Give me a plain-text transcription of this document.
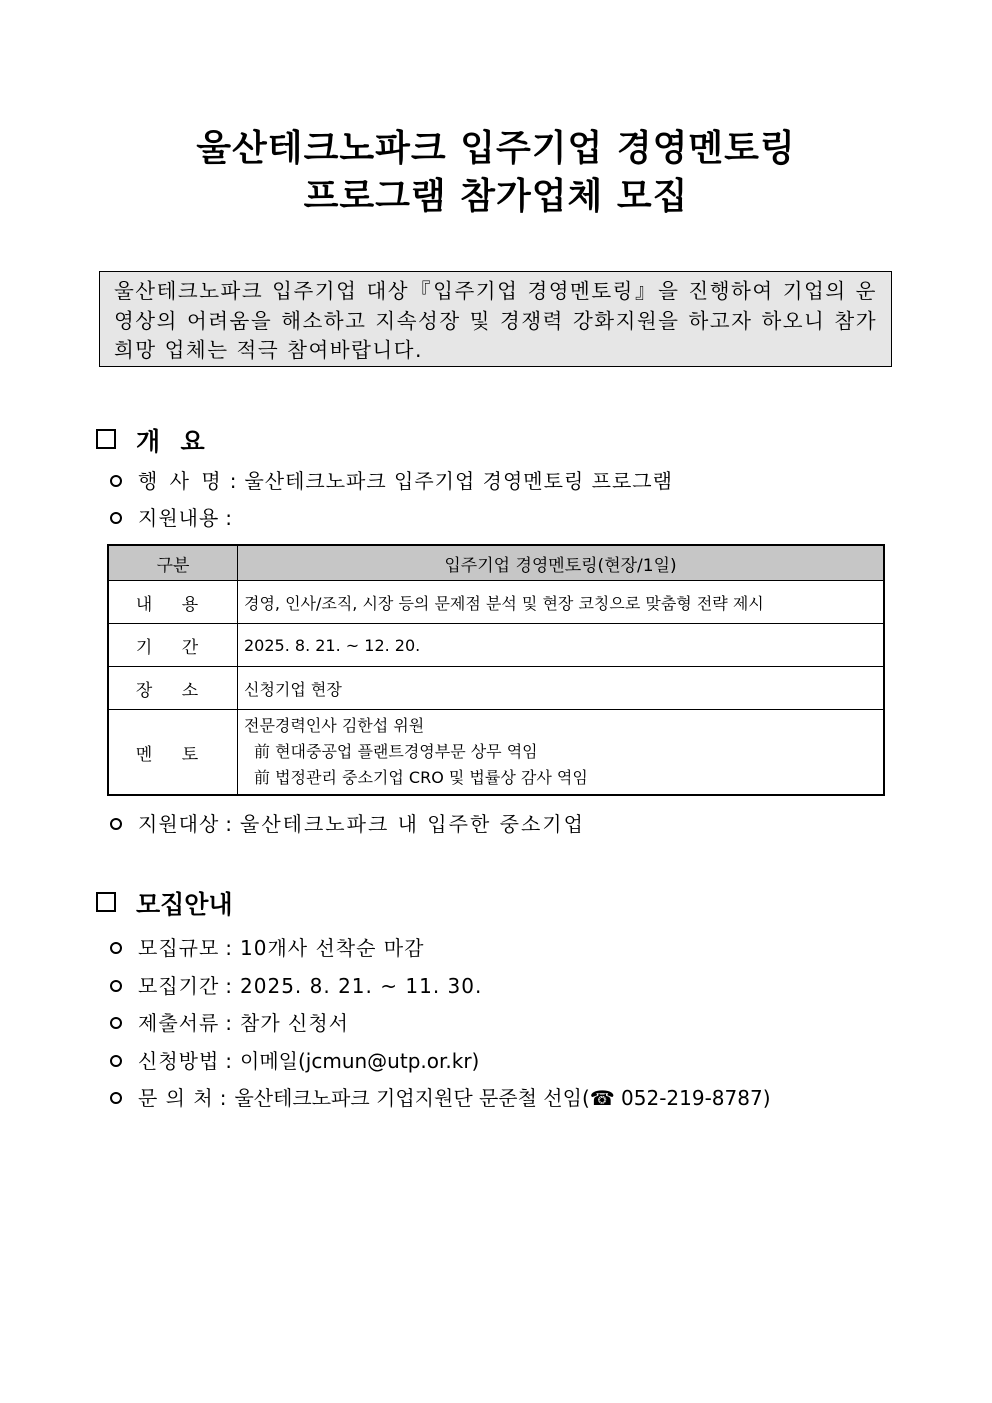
울산테크노파크 입주기업 경영멘토링
프로그램 참가업체 모집
울산테크노파크 입주기업 대상『입주기업 경영멘토링』을 진행하여 기업의 운영상의 어려움을 해소하고 지속성장 및 경쟁력 강화지원을 하고자 하오니 참가 희망 업체는 적극 참여바랍니다.
개  요
행 사 명 : 울산테크노파크 입주기업 경영멘토링 프로그램
지원내용 :
구분	입주기업 경영멘토링(현장/1일)
내 용	경영, 인사/조직, 시장 등의 문제점 분석 및 현장 코칭으로 맞춤형 전략 제시
기 간	2025. 8. 21. ~ 12. 20.
장 소	신청기업 현장
멘 토	전문경력인사 김한섭 위원
前 현대중공업 플랜트경영부문 상무 역임
前 법정관리 중소기업 CRO 및 법률상 감사 역임
지원대상 : 울산테크노파크 내 입주한 중소기업
모집안내
모집규모 : 10개사 선착순 마감
모집기간 : 2025. 8. 21. ~ 11. 30.
제출서류 : 참가 신청서
신청방법 : 이메일(jcmun@utp.or.kr)
문 의 처 : 울산테크노파크 기업지원단 문준철 선임(☎ 052-219-8787)
